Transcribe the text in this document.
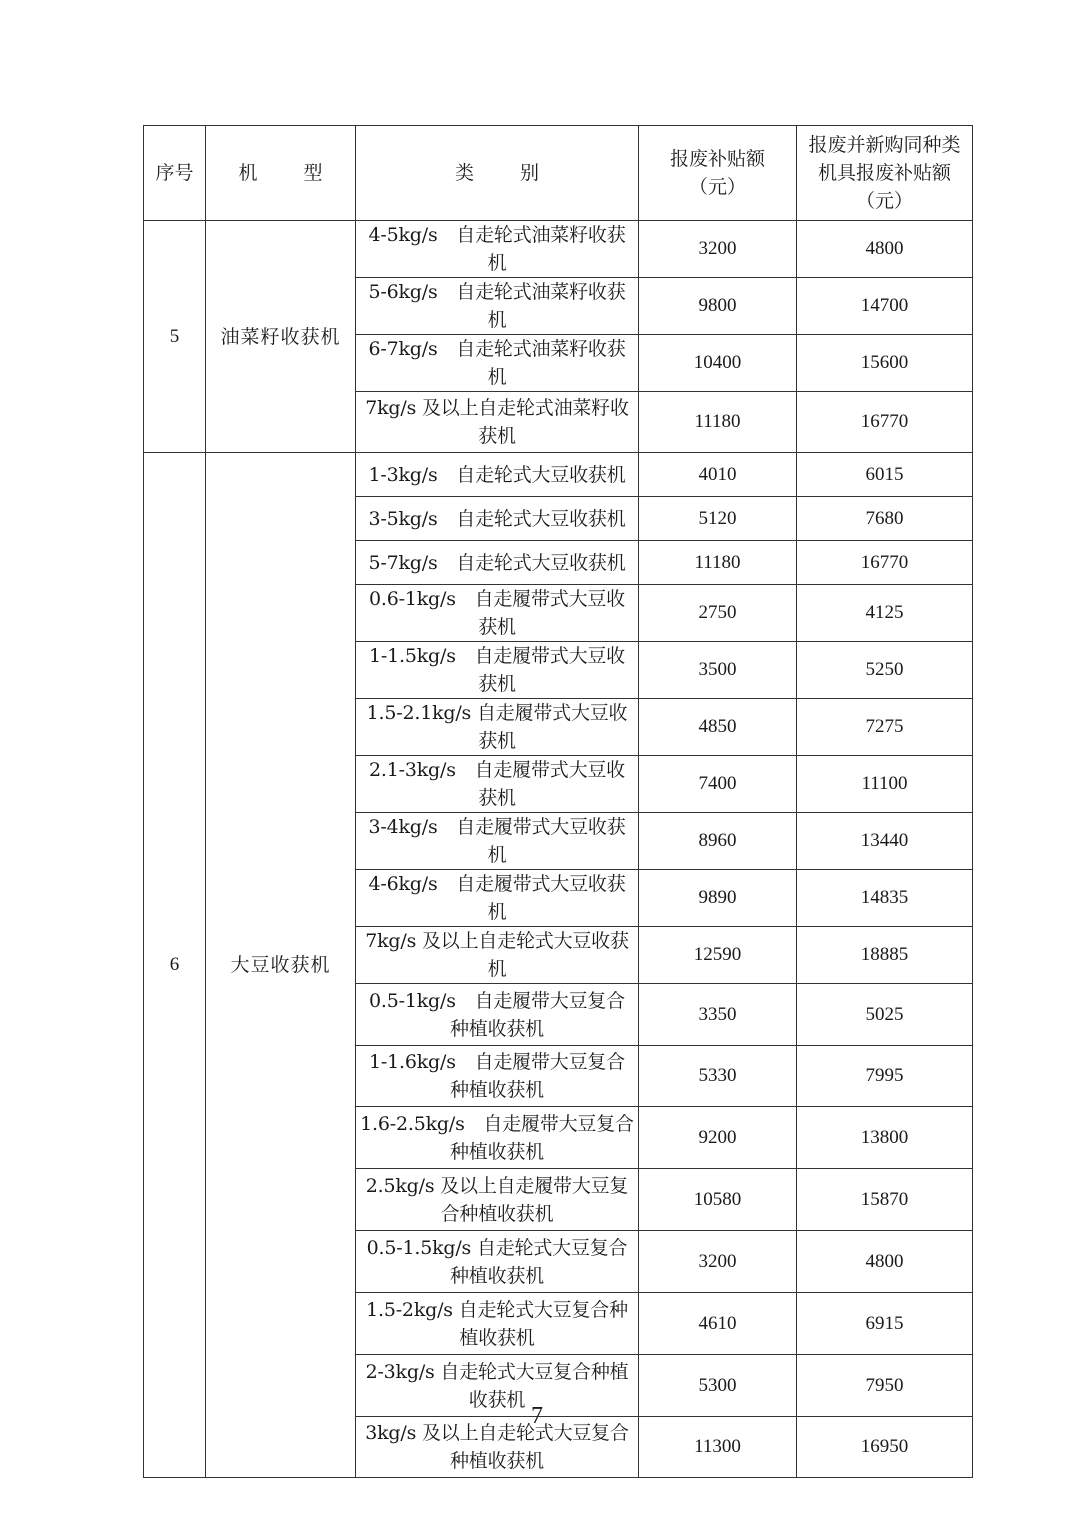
序号	机 型	类 别	报废补贴额（元）	报废并新购同种类机具报废补贴额（元）
5	油菜籽收获机	4-5kg/s　自走轮式油菜籽收获机	3200	4800
		5-6kg/s　自走轮式油菜籽收获机	9800	14700
		6-7kg/s　自走轮式油菜籽收获机	10400	15600
		7kg/s 及以上自走轮式油菜籽收获机	11180	16770
6	大豆收获机	1-3kg/s　自走轮式大豆收获机	4010	6015
		3-5kg/s　自走轮式大豆收获机	5120	7680
		5-7kg/s　自走轮式大豆收获机	11180	16770
		0.6-1kg/s　自走履带式大豆收获机	2750	4125
		1-1.5kg/s　自走履带式大豆收获机	3500	5250
		1.5-2.1kg/s 自走履带式大豆收获机	4850	7275
		2.1-3kg/s　自走履带式大豆收获机	7400	11100
		3-4kg/s　自走履带式大豆收获机	8960	13440
		4-6kg/s　自走履带式大豆收获机	9890	14835
		7kg/s 及以上自走轮式大豆收获机	12590	18885
		0.5-1kg/s　自走履带大豆复合种植收获机	3350	5025
		1-1.6kg/s　自走履带大豆复合种植收获机	5330	7995
		1.6-2.5kg/s　自走履带大豆复合种植收获机	9200	13800
		2.5kg/s 及以上自走履带大豆复合种植收获机	10580	15870
		0.5-1.5kg/s 自走轮式大豆复合种植收获机	3200	4800
		1.5-2kg/s 自走轮式大豆复合种植收获机	4610	6915
		2-3kg/s 自走轮式大豆复合种植收获机	5300	7950
		3kg/s 及以上自走轮式大豆复合种植收获机	11300	16950
7
